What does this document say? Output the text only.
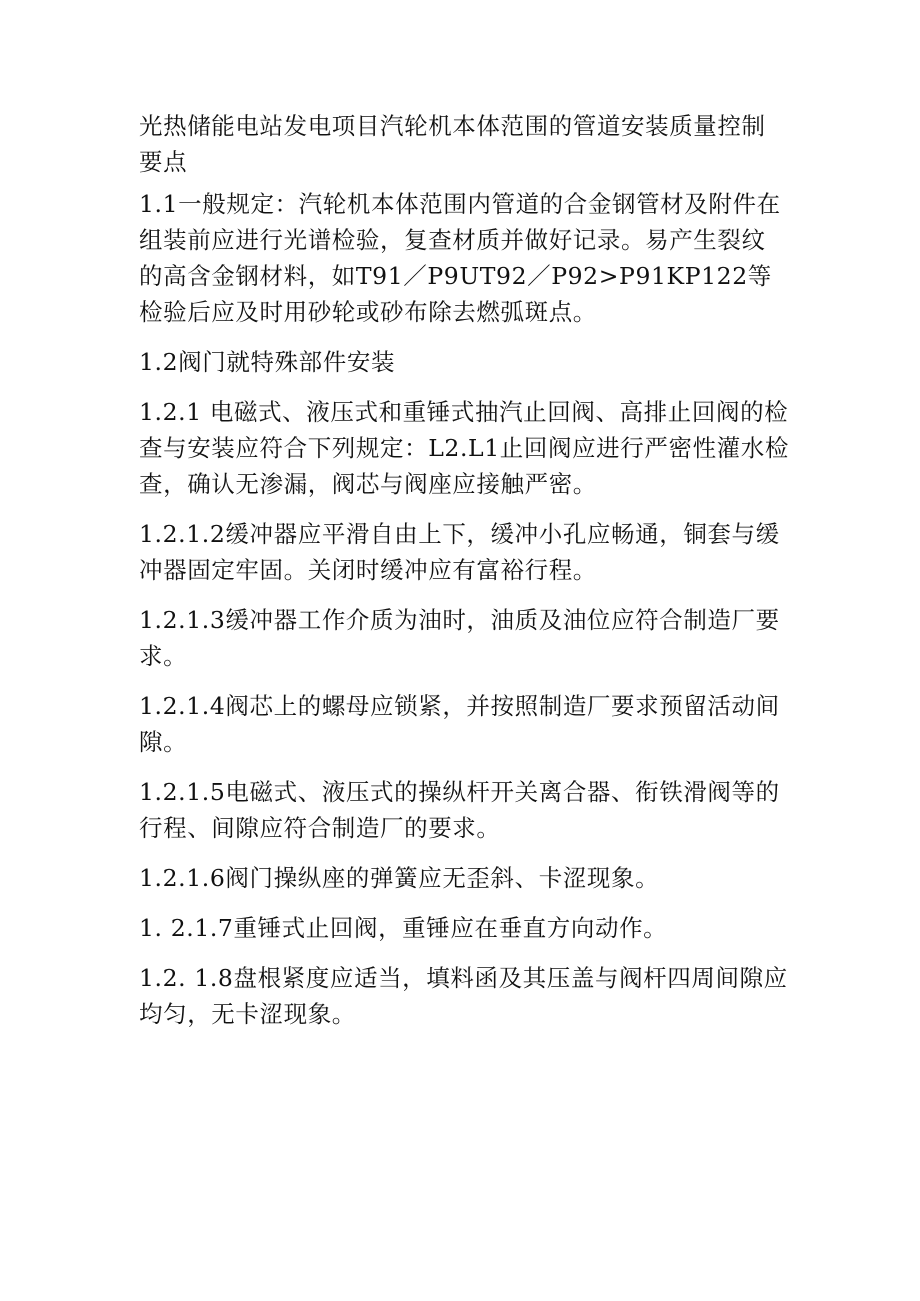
光热储能电站发电项目汽轮机本体范围的管道安装质量控制要点

1.1一般规定：汽轮机本体范围内管道的合金钢管材及附件在组装前应进行光谱检验，复查材质并做好记录。易产生裂纹的高含金钢材料，如T91／P9UT92／P92>P91KP122等检验后应及时用砂轮或砂布除去燃弧斑点。

1.2阀门就特殊部件安装

1.2.1 电磁式、液压式和重锤式抽汽止回阀、高排止回阀的检查与安装应符合下列规定：L2.L1止回阀应进行严密性灌水检查，确认无渗漏，阀芯与阀座应接触严密。

1.2.1.2缓冲器应平滑自由上下，缓冲小孔应畅通，铜套与缓冲器固定牢固。关闭时缓冲应有富裕行程。

1.2.1.3缓冲器工作介质为油时，油质及油位应符合制造厂要求。

1.2.1.4阀芯上的螺母应锁紧，并按照制造厂要求预留活动间隙。

1.2.1.5电磁式、液压式的操纵杆开关离合器、衔铁滑阀等的行程、间隙应符合制造厂的要求。

1.2.1.6阀门操纵座的弹簧应无歪斜、卡涩现象。

1. 2.1.7重锤式止回阀，重锤应在垂直方向动作。

1.2. 1.8盘根紧度应适当，填料函及其压盖与阀杆四周间隙应均匀，无卡涩现象。
